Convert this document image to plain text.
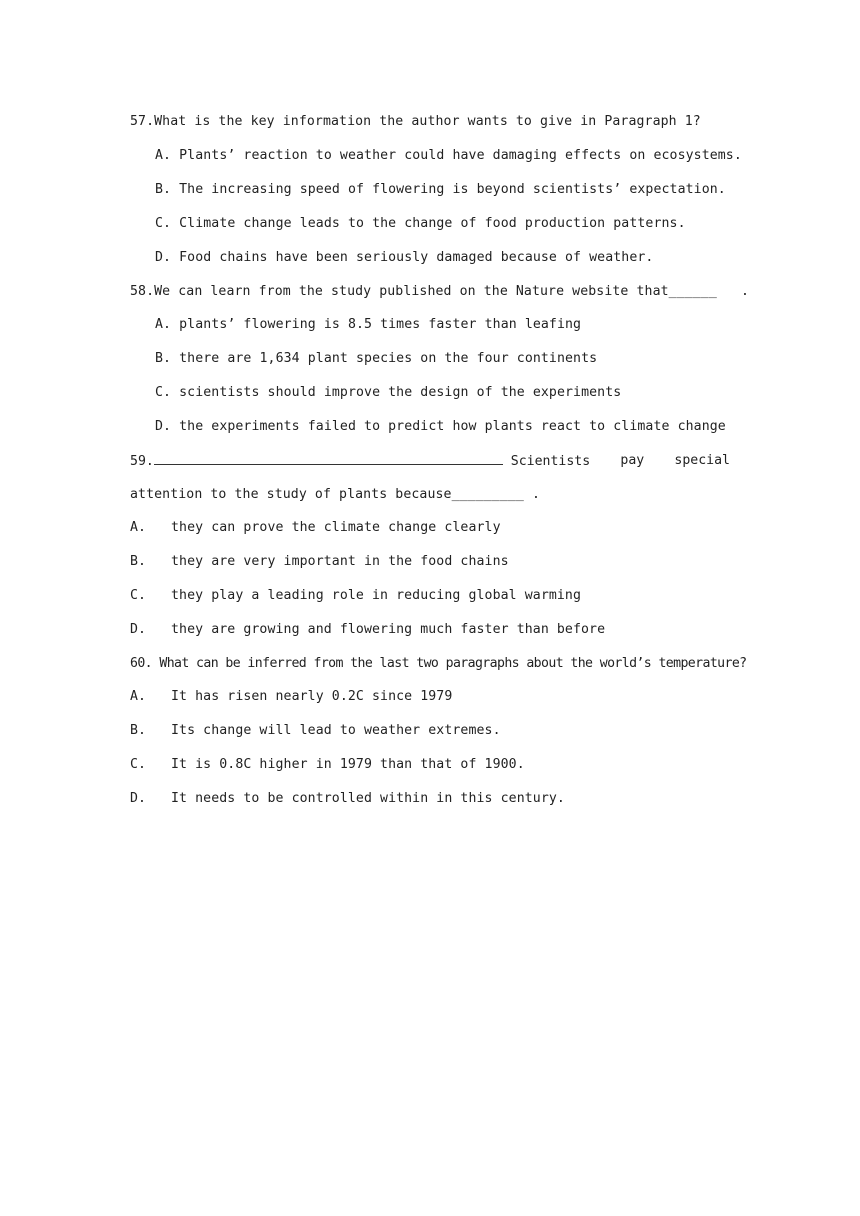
57.What is the key information the author wants to give in Paragraph 1?
A. Plants’ reaction to weather could have damaging effects on ecosystems.
B. The increasing speed of flowering is beyond scientists’ expectation.
C. Climate change leads to the change of food production patterns.
D. Food chains have been seriously damaged because of weather.
58.We can learn from the study published on the Nature website that______   .
A. plants’ flowering is 8.5 times faster than leafing
B. there are 1,634 plant species on the four continents
C. scientists should improve the design of the experiments
D. the experiments failed to predict how plants react to climate change
59.	Scientists pay special
attention to the study of plants because_________ .
A. they can prove the climate change clearly
B. they are very important in the food chains
C. they play a leading role in reducing global warming
D. they are growing and flowering much faster than before
60. What can be inferred from the last two paragraphs about the world’s temperature?
A. It has risen nearly 0.2C since 1979
B. Its change will lead to weather extremes.
C. It is 0.8C higher in 1979 than that of 1900.
D. It needs to be controlled within in this century.
